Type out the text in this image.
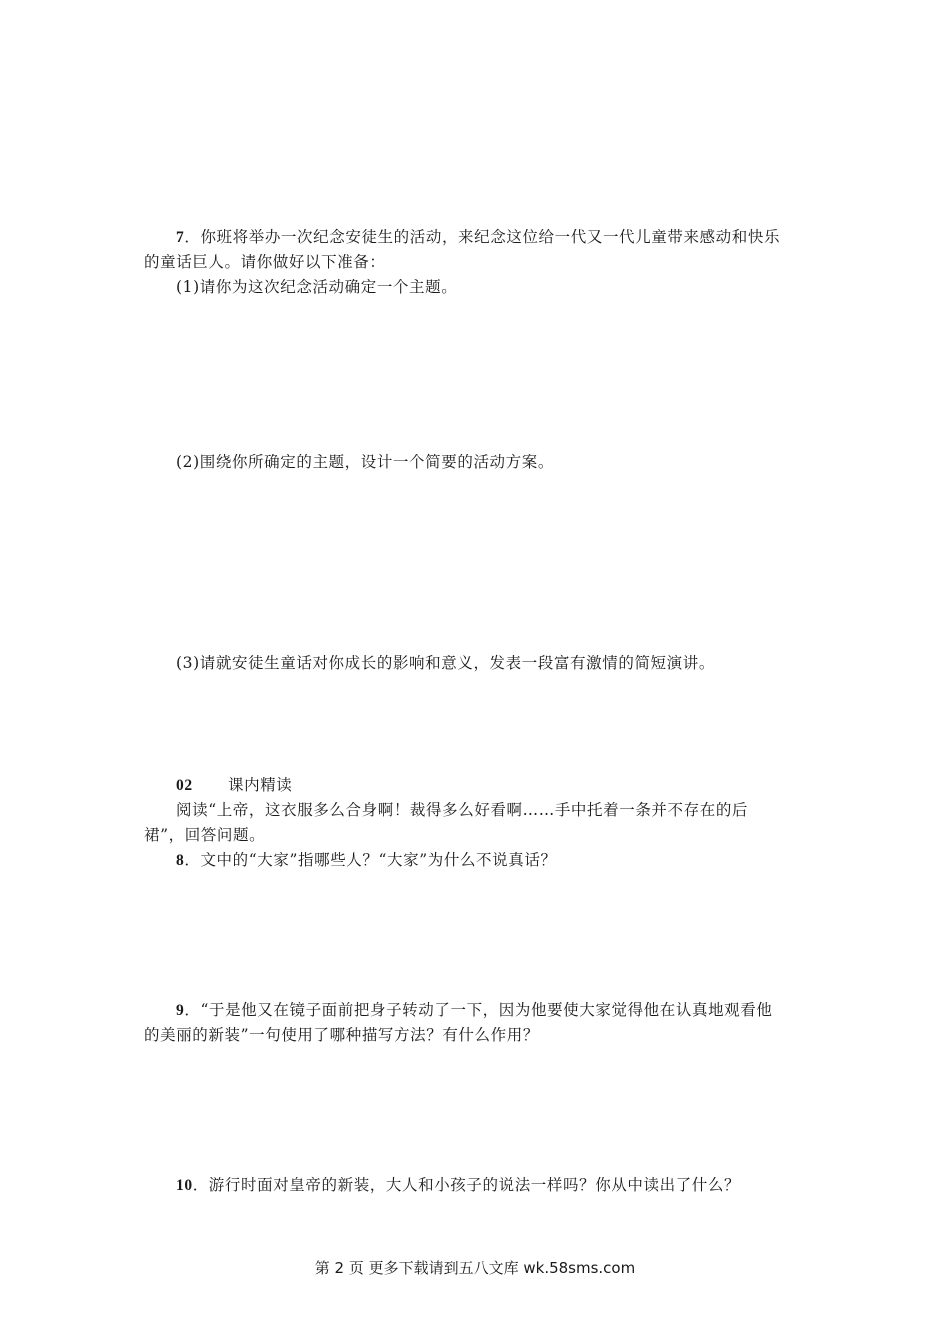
7．你班将举办一次纪念安徒生的活动，来纪念这位给一代又一代儿童带来感动和快乐
的童话巨人。请你做好以下准备：
(1)请你为这次纪念活动确定一个主题。
(2)围绕你所确定的主题，设计一个简要的活动方案。
(3)请就安徒生童话对你成长的影响和意义，发表一段富有激情的简短演讲。
02 课内精读
阅读“上帝，这衣服多么合身啊！裁得多么好看啊……手中托着一条并不存在的后
裙”，回答问题。
8．文中的“大家”指哪些人？“大家”为什么不说真话？
9．“于是他又在镜子面前把身子转动了一下，因为他要使大家觉得他在认真地观看他
的美丽的新装”一句使用了哪种描写方法？有什么作用？
10．游行时面对皇帝的新装，大人和小孩子的说法一样吗？你从中读出了什么？
第 2 页 更多下载请到五八文库 wk.58sms.com
